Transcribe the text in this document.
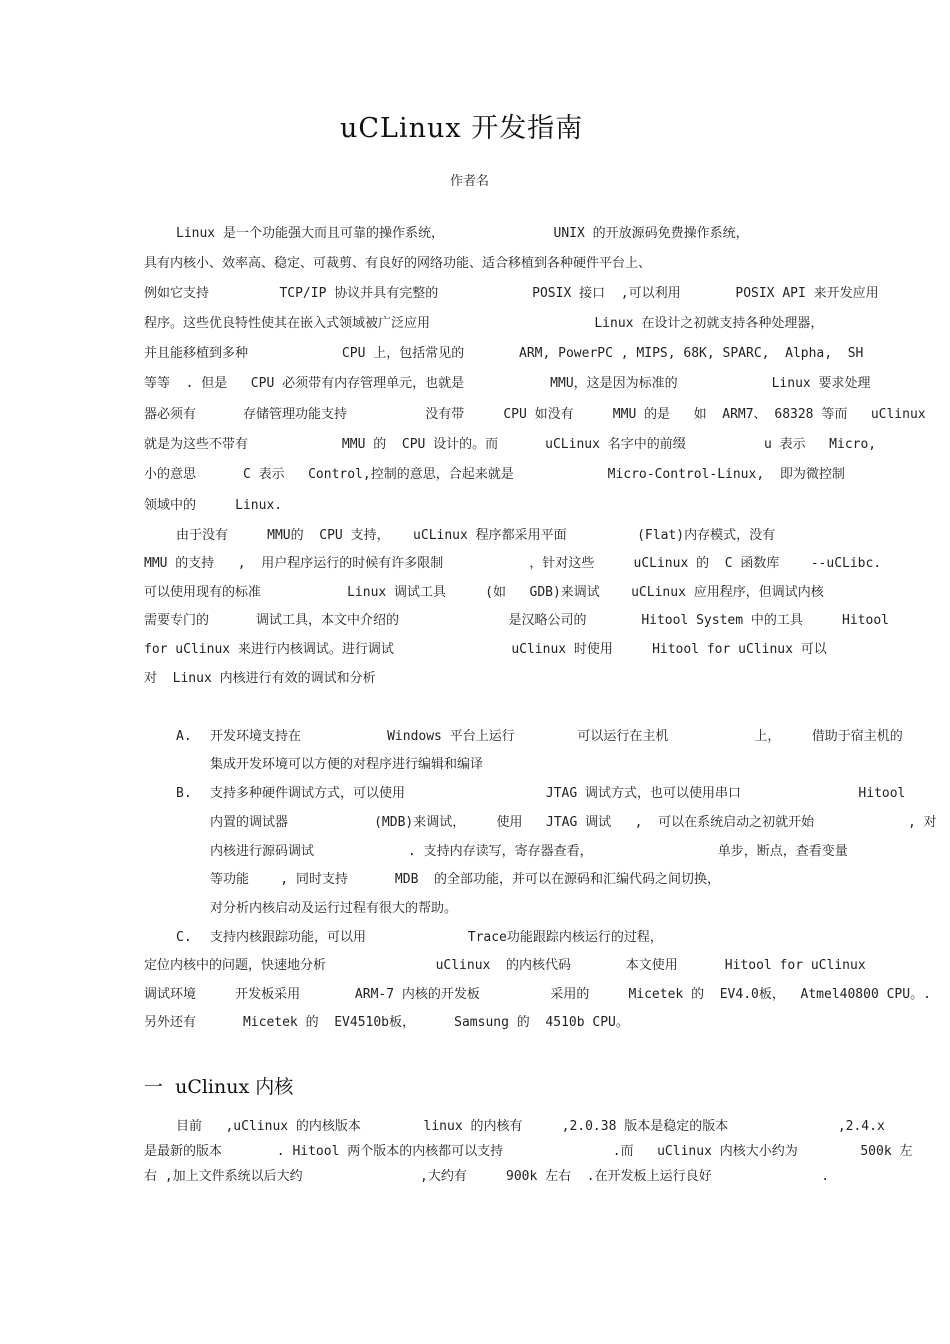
uCLinux 开发指南
作者名
Linux 是一个功能强大而且可靠的操作系统，              UNIX 的开放源码免费操作系统，
具有内核小、效率高、稳定、可裁剪、有良好的网络功能、适合移植到各种硬件平台上、
例如它支持         TCP/IP 协议并具有完整的            POSIX 接口  ,可以利用       POSIX API 来开发应用
程序。这些优良特性使其在嵌入式领域被广泛应用                     Linux 在设计之初就支持各种处理器，
并且能移植到多种            CPU 上，包括常见的       ARM, PowerPC , MIPS, 68K, SPARC,  Alpha,  SH
等等  . 但是   CPU 必须带有内存管理单元，也就是           MMU，这是因为标准的            Linux 要求处理
器必须有      存储管理功能支持          没有带     CPU 如没有     MMU 的是   如  ARM7、 68328 等而   uClinux
就是为这些不带有            MMU 的  CPU 设计的。而      uCLinux 名字中的前缀          u 表示   Micro,
小的意思      C 表示   Control,控制的意思，合起来就是            Micro-Control-Linux,  即为微控制
领域中的     Linux.
由于没有     MMU的  CPU 支持，   uCLinux 程序都采用平面         (Flat)内存模式，没有
MMU 的支持   ,  用户程序运行的时候有许多限制           ，针对这些     uCLinux 的  C 函数库    --uCLibc.
可以使用现有的标准           Linux 调试工具     (如   GDB)来调试    uCLinux 应用程序，但调试内核
需要专门的      调试工具，本文中介绍的              是汉略公司的       Hitool System 中的工具     Hitool
for uClinux 来进行内核调试。进行调试               uClinux 时使用     Hitool for uClinux 可以
对  Linux 内核进行有效的调试和分析
A. 开发环境支持在           Windows 平台上运行        可以运行在主机           上，    借助于宿主机的
集成开发环境可以方便的对程序进行编辑和编译
B. 支持多种硬件调试方式，可以使用                  JTAG 调试方式，也可以使用串口               Hitool
内置的调试器           (MDB)来调试，    使用   JTAG 调试   ,  可以在系统启动之初就开始            , 对
内核进行源码调试            . 支持内存读写，寄存器查看，                单步，断点，查看变量
等功能    , 同时支持      MDB  的全部功能，并可以在源码和汇编代码之间切换，
对分析内核启动及运行过程有很大的帮助。
C. 支持内核跟踪功能，可以用             Trace功能跟踪内核运行的过程，
定位内核中的问题，快速地分析              uClinux  的内核代码       本文使用      Hitool for uClinux
调试环境     开发板采用       ARM-7 内核的开发板         采用的     Micetek 的  EV4.0板，  Atmel40800 CPU。.
另外还有      Micetek 的  EV4510b板，     Samsung 的  4510b CPU。
一  uClinux 内核
目前   ,uClinux 的内核版本        linux 的内核有     ,2.0.38 版本是稳定的版本              ,2.4.x
是最新的版本       . Hitool 两个版本的内核都可以支持              .而   uClinux 内核大小约为        500k 左
右 ,加上文件系统以后大约               ,大约有     900k 左右  .在开发板上运行良好              .
